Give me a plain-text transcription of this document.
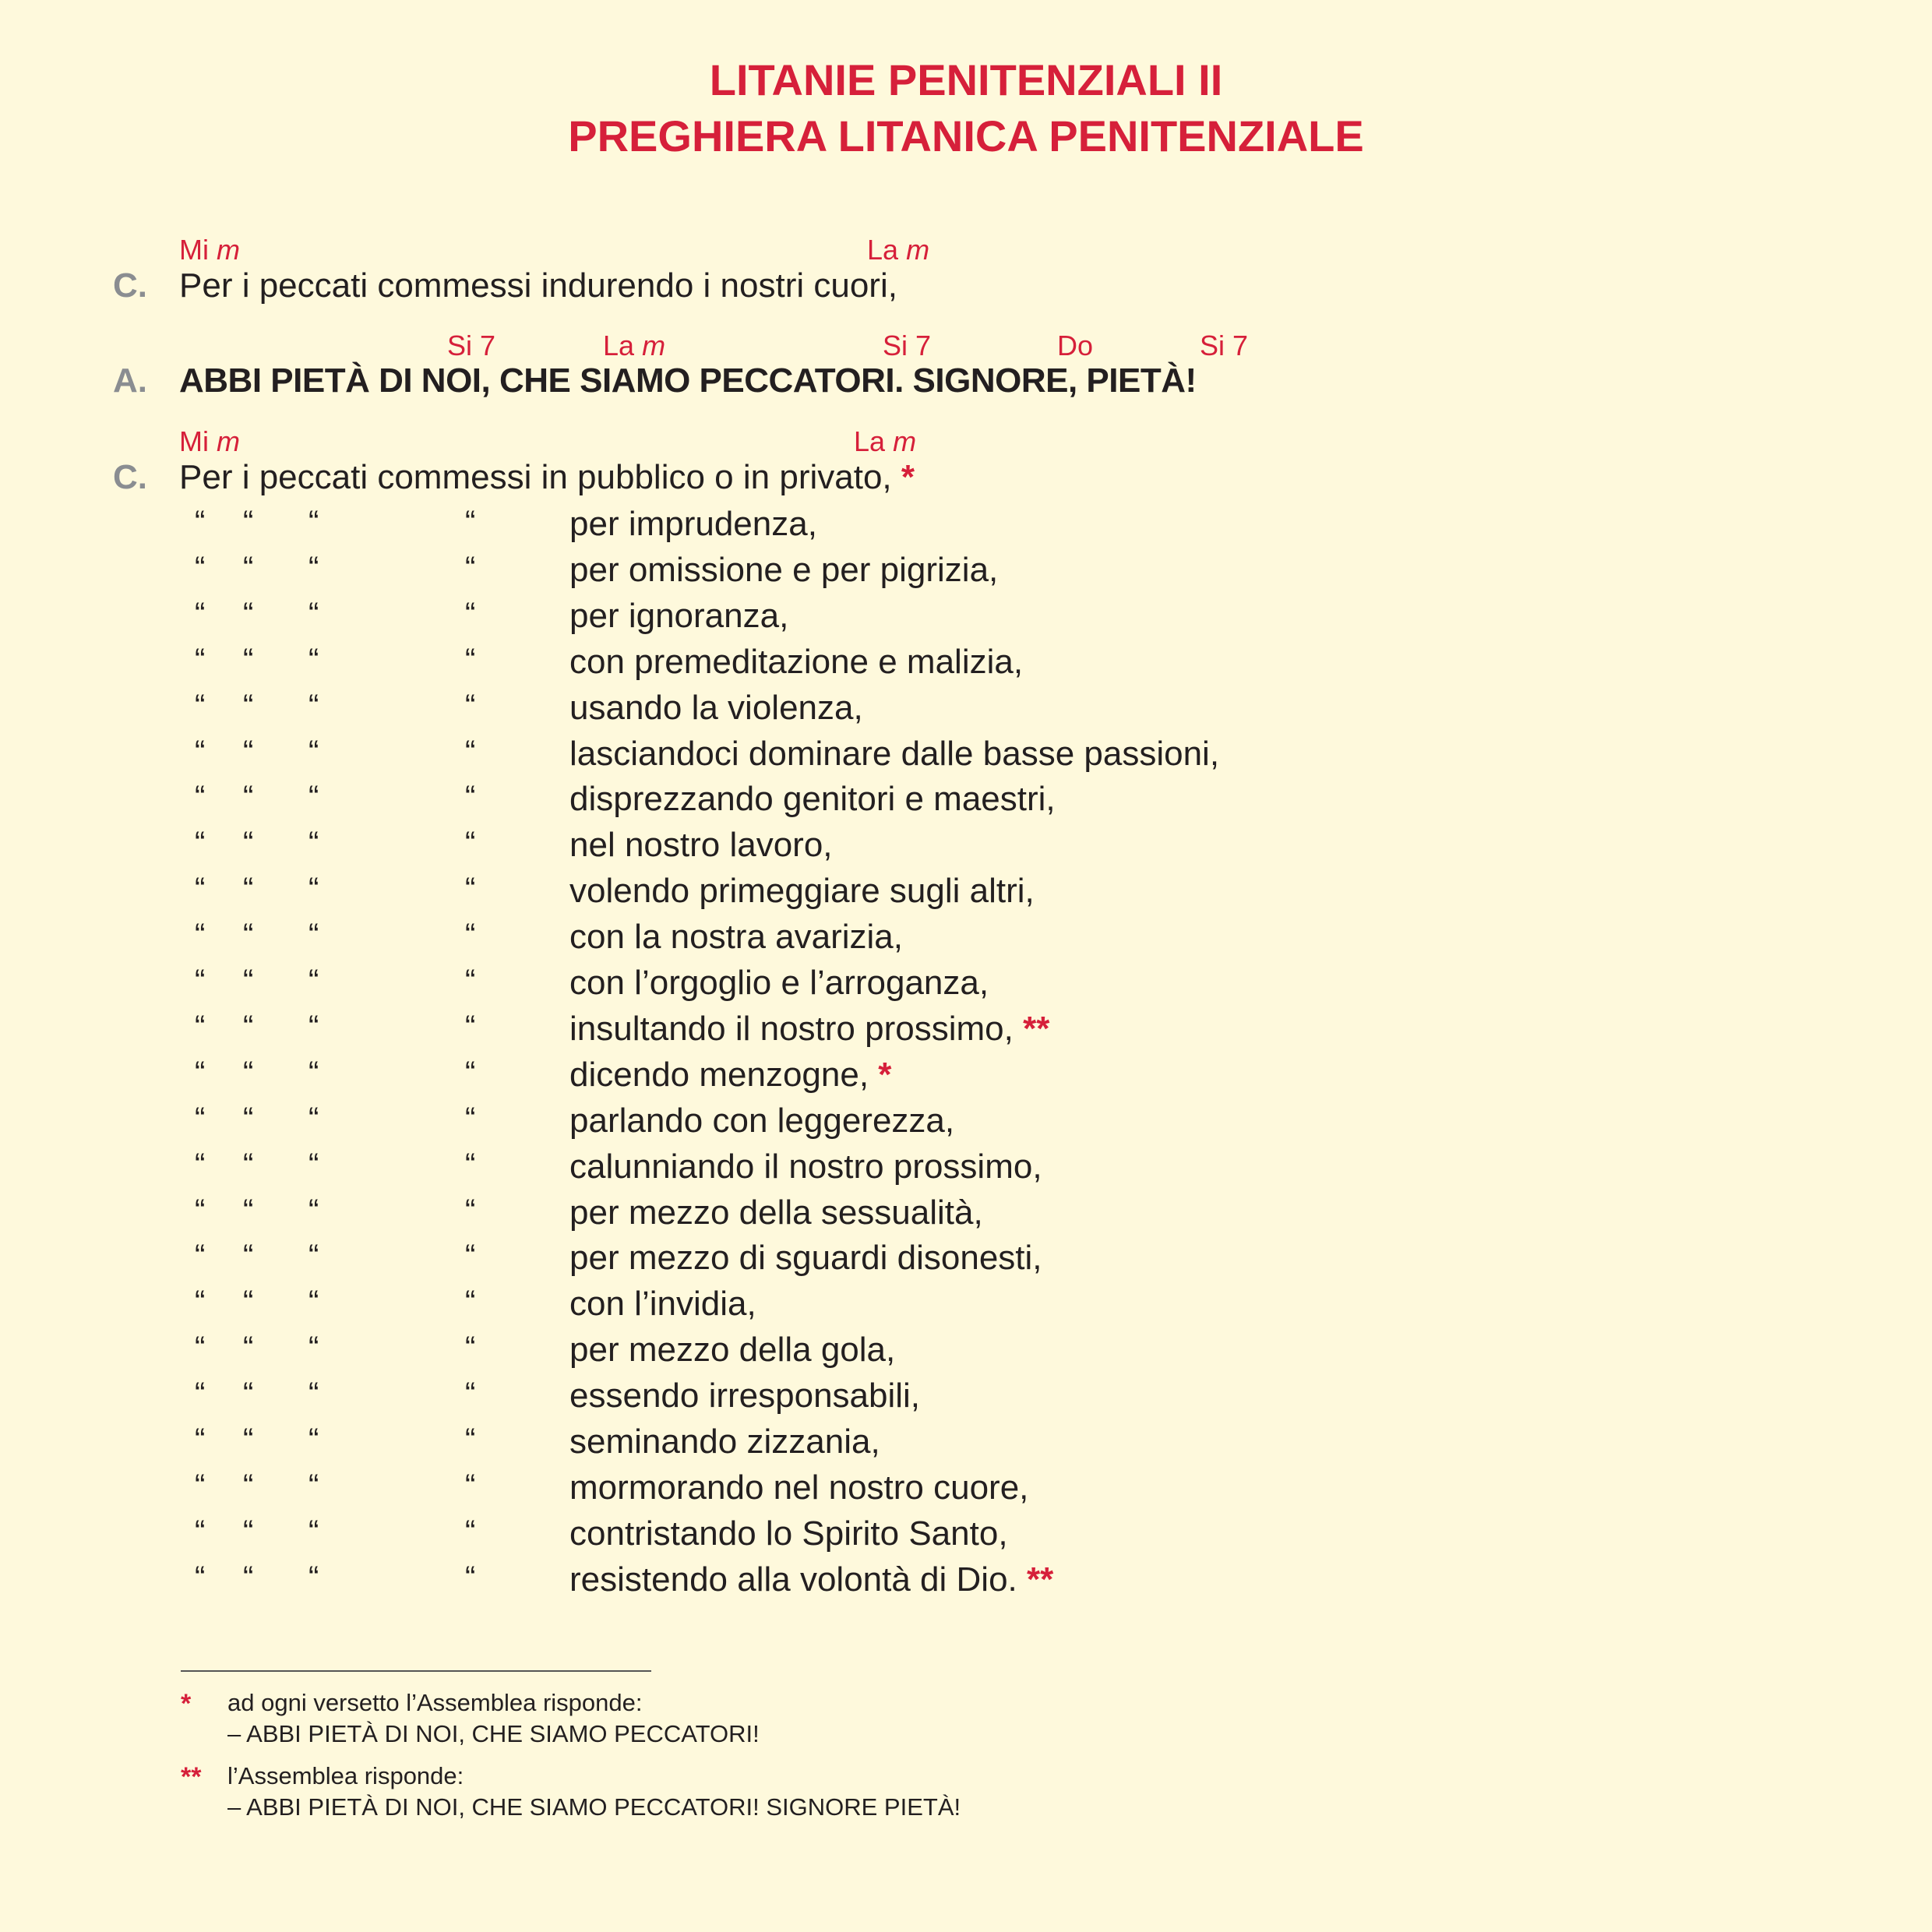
LITANIE PENITENZIALI II
PREGHIERA LITANICA PENITENZIALE
Mi m	La m
C. Per i peccati commessi indurendo i nostri cuori,
Si 7	La m	Si 7	Do	Si 7
A. ABBI PIETÀ DI NOI, CHE SIAMO PECCATORI. SIGNORE, PIETÀ!
Mi m	La m
C. Per i peccati commessi in pubblico o in privato, *
“ “ “	“	per imprudenza,
“ “ “	“	per omissione e per pigrizia,
“ “ “	“	per ignoranza,
“ “ “	“	con premeditazione e malizia,
“ “ “	“	usando la violenza,
“ “ “	“	lasciandoci dominare dalle basse passioni,
“ “ “	“	disprezzando genitori e maestri,
“ “ “	“	nel nostro lavoro,
“ “ “	“	volendo primeggiare sugli altri,
“ “ “	“	con la nostra avarizia,
“ “ “	“	con l’orgoglio e l’arroganza,
“ “ “	“	insultando il nostro prossimo, **
“ “ “	“	dicendo menzogne, *
“ “ “	“	parlando con leggerezza,
“ “ “	“	calunniando il nostro prossimo,
“ “ “	“	per mezzo della sessualità,
“ “ “	“	per mezzo di sguardi disonesti,
“ “ “	“	con l’invidia,
“ “ “	“	per mezzo della gola,
“ “ “	“	essendo irresponsabili,
“ “ “	“	seminando zizzania,
“ “ “	“	mormorando nel nostro cuore,
“ “ “	“	contristando lo Spirito Santo,
“ “ “	“	resistendo alla volontà di Dio. **
* ad ogni versetto l’Assemblea risponde:
– ABBI PIETÀ DI NOI, CHE SIAMO PECCATORI!
** l’Assemblea risponde:
– ABBI PIETÀ DI NOI, CHE SIAMO PECCATORI! SIGNORE PIETÀ!
